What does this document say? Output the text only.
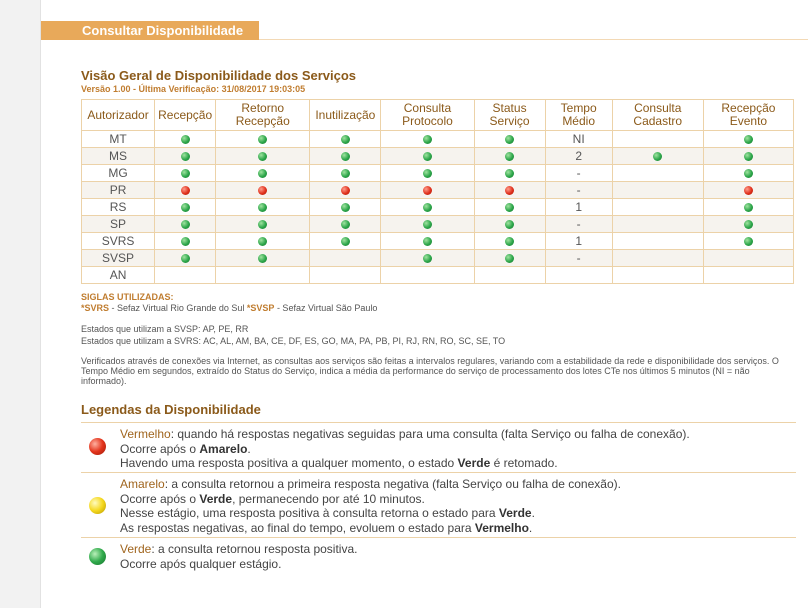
Consultar Disponibilidade
Visão Geral de Disponibilidade dos Serviços
Versão 1.00 - Última Verificação: 31/08/2017 19:03:05
Autorizador	Recepção	Retorno Recepção	Inutilização	Consulta Protocolo	Status Serviço	Tempo Médio	Consulta Cadastro	Recepção Evento
MT						NI		
MS						2		
MG						-		
PR						-		
RS						1		
SP						-		
SVRS						1		
SVSP						-		
AN								
SIGLAS UTILIZADAS:
*SVRS - Sefaz Virtual Rio Grande do Sul *SVSP - Sefaz Virtual São Paulo
Estados que utilizam a SVSP: AP, PE, RR
Estados que utilizam a SVRS: AC, AL, AM, BA, CE, DF, ES, GO, MA, PA, PB, PI, RJ, RN, RO, SC, SE, TO
Verificados através de conexões via Internet, as consultas aos serviços são feitas a intervalos regulares, variando com a estabilidade da rede e disponibilidade dos serviços. O Tempo Médio em segundos, extraído do Status do Serviço, indica a média da performance do serviço de processamento dos lotes CTe nos últimos 5 minutos (NI = não informado).
Legendas da Disponibilidade
Vermelho: quando há respostas negativas seguidas para uma consulta (falta Serviço ou falha de conexão).
Ocorre após o Amarelo.
Havendo uma resposta positiva a qualquer momento, o estado Verde é retomado.
Amarelo: a consulta retornou a primeira resposta negativa (falta Serviço ou falha de conexão).
Ocorre após o Verde, permanecendo por até 10 minutos.
Nesse estágio, uma resposta positiva à consulta retorna o estado para Verde.
As respostas negativas, ao final do tempo, evoluem o estado para Vermelho.
Verde: a consulta retornou resposta positiva.
Ocorre após qualquer estágio.
